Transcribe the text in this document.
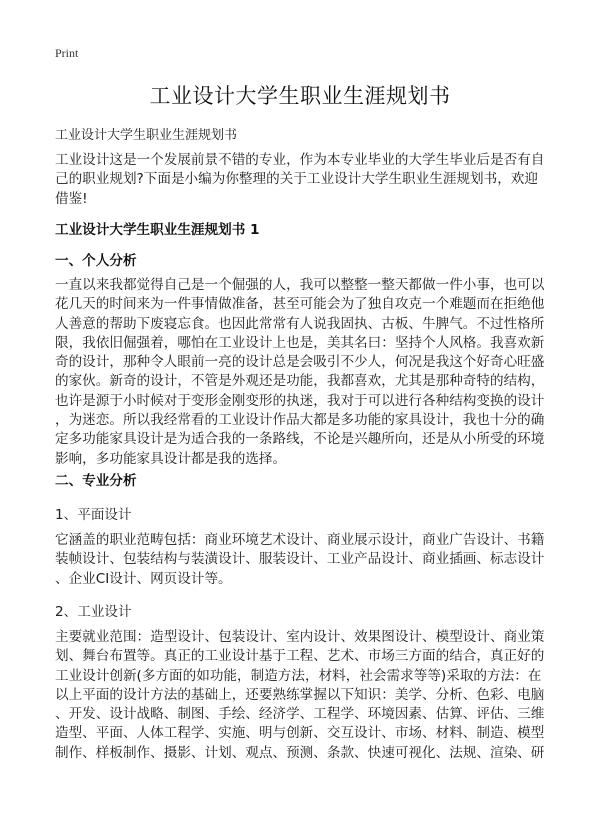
Print
工业设计大学生职业生涯规划书
工业设计大学生职业生涯规划书
工业设计这是一个发展前景不错的专业，作为本专业毕业的大学生毕业后是否有自
己的职业规划?下面是小编为你整理的关于工业设计大学生职业生涯规划书，欢迎
借鉴!
工业设计大学生职业生涯规划书 1
一、个人分析
一直以来我都觉得自己是一个倔强的人，我可以整整一整天都做一件小事，也可以
花几天的时间来为一件事情做准备，甚至可能会为了独自攻克一个难题而在拒绝他
人善意的帮助下废寝忘食。也因此常常有人说我固执、古板、牛脾气。不过性格所
限，我依旧倔强着，哪怕在工业设计上也是，美其名曰：坚持个人风格。我喜欢新
奇的设计，那种令人眼前一亮的设计总是会吸引不少人，何况是我这个好奇心旺盛
的家伙。新奇的设计，不管是外观还是功能，我都喜欢，尤其是那种奇特的结构，
也许是源于小时候对于变形金刚变形的执迷，我对于可以进行各种结构变换的设计
，为迷恋。所以我经常看的工业设计作品大都是多功能的家具设计，我也十分的确
定多功能家具设计是为适合我的一条路线，不论是兴趣所向，还是从小所受的环境
影响，多功能家具设计都是我的选择。
二、专业分析
1、平面设计
它涵盖的职业范畴包括：商业环境艺术设计、商业展示设计，商业广告设计、书籍
装帧设计、包装结构与装潢设计、服装设计、工业产品设计、商业插画、标志设计
、企业CI设计、网页设计等。
2、工业设计
主要就业范围：造型设计、包装设计、室内设计、效果图设计、模型设计、商业策
划、舞台布置等。真正的工业设计基于工程、艺术、市场三方面的结合，真正好的
工业设计创新(多方面的如功能，制造方法，材料，社会需求等等)采取的方法：在
以上平面的设计方法的基础上，还要熟练掌握以下知识：美学、分析、色彩、电脑
、开发、设计战略、制图、手绘、经济学、工程学、环境因素、估算、评估、三维
造型、平面、人体工程学、实施、明与创新、交互设计、市场、材料、制造、模型
制作、样板制作、摄影、计划、观点、预测、条款、快速可视化、法规、渲染、研
